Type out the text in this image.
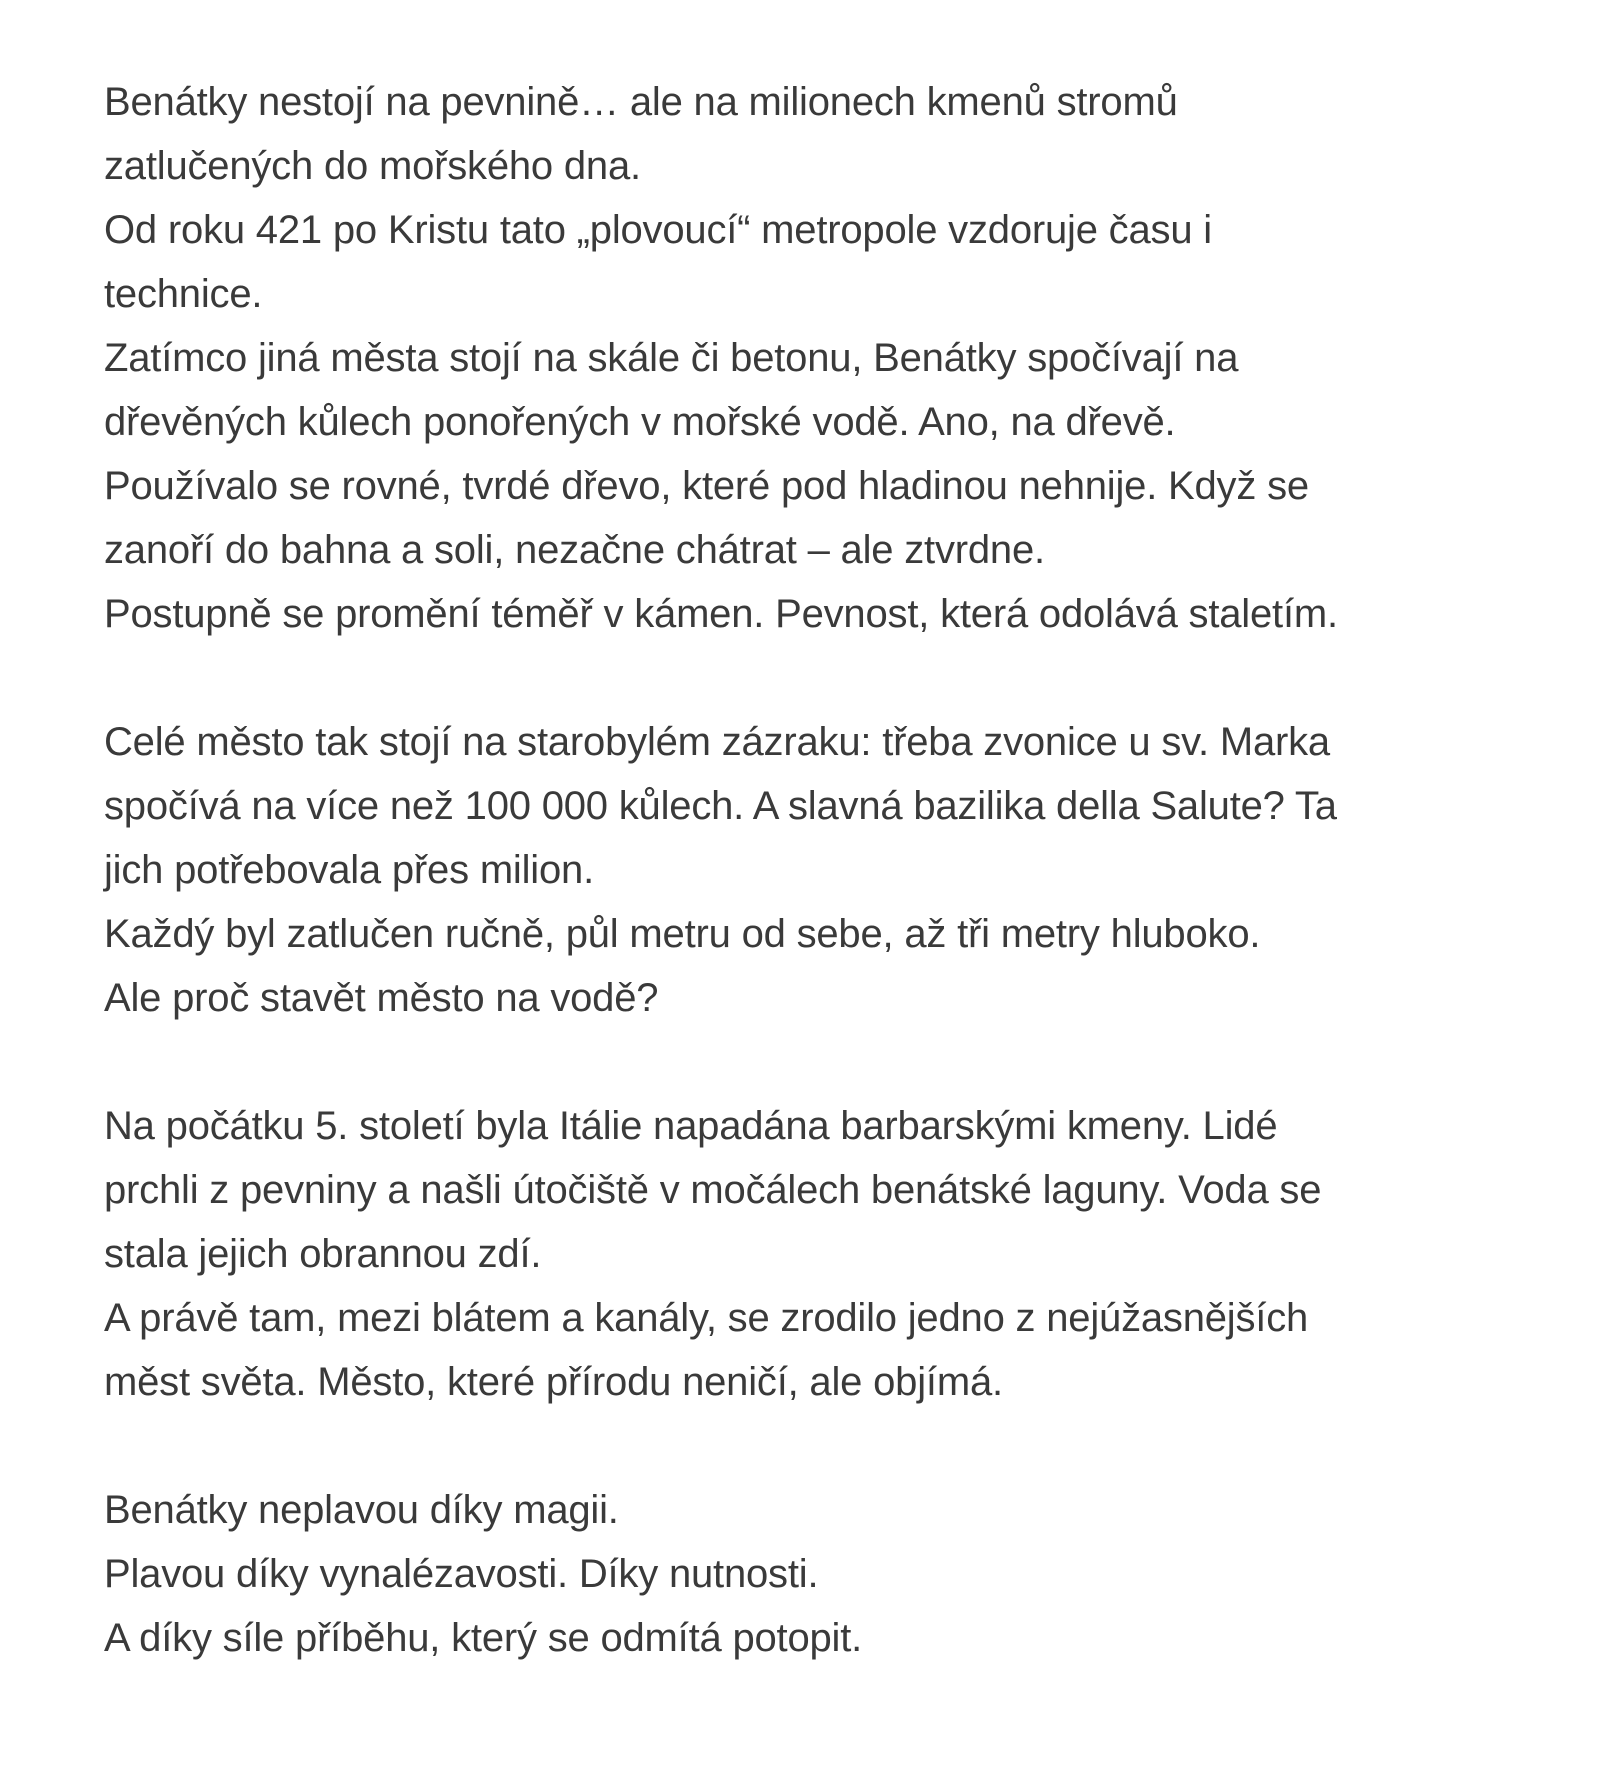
Benátky nestojí na pevnině… ale na milionech kmenů stromů
zatlučených do mořského dna.
Od roku 421 po Kristu tato „plovoucí“ metropole vzdoruje času i
technice.
Zatímco jiná města stojí na skále či betonu, Benátky spočívají na
dřevěných kůlech ponořených v mořské vodě. Ano, na dřevě.
Používalo se rovné, tvrdé dřevo, které pod hladinou nehnije. Když se
zanoří do bahna a soli, nezačne chátrat – ale ztvrdne.
Postupně se promění téměř v kámen. Pevnost, která odolává staletím.
Celé město tak stojí na starobylém zázraku: třeba zvonice u sv. Marka
spočívá na více než 100 000 kůlech. A slavná bazilika della Salute? Ta
jich potřebovala přes milion.
Každý byl zatlučen ručně, půl metru od sebe, až tři metry hluboko.
Ale proč stavět město na vodě?
Na počátku 5. století byla Itálie napadána barbarskými kmeny. Lidé
prchli z pevniny a našli útočiště v močálech benátské laguny. Voda se
stala jejich obrannou zdí.
A právě tam, mezi blátem a kanály, se zrodilo jedno z nejúžasnějších
měst světa. Město, které přírodu neničí, ale objímá.
Benátky neplavou díky magii.
Plavou díky vynalézavosti. Díky nutnosti.
A díky síle příběhu, který se odmítá potopit.
